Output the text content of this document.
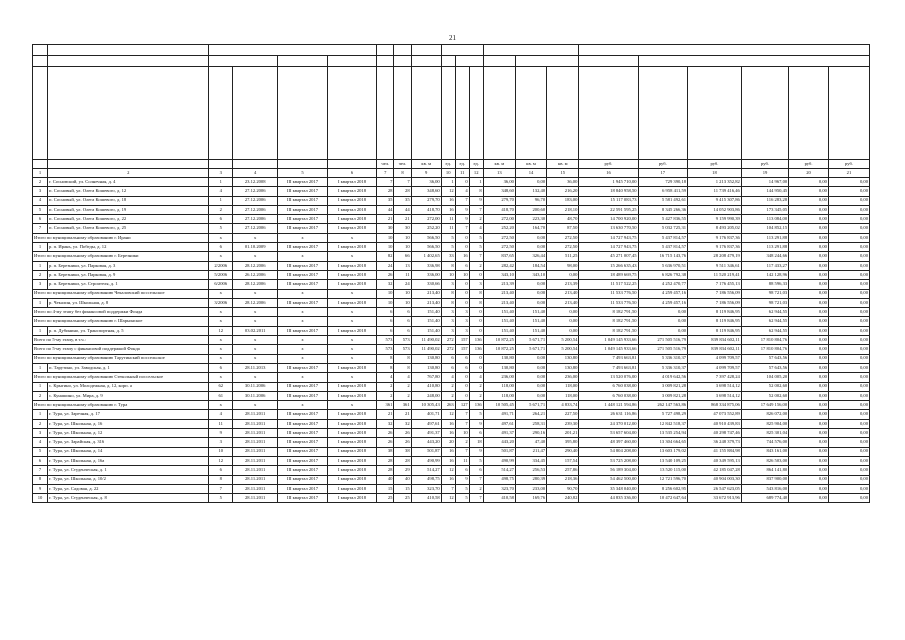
21

						чел.	чел.	кв. м	ед.	ед.	ед.	кв. м	кв. м	кв. м	руб.	руб.	руб.	руб.	руб.	руб.
1	2	3	4	5	6	7	8	9	10	11	12	13	14	15	16	17	18	19	20	21
2	г. Сосновский, ул. Солнечная, д. 4	1	23.12.2008	III квартал 2017	I квартал 2018	7	7	36,00	1	0	1	36,00	0,00	36,00	1 945 710,00	729 390,18	1 213 352,82	14 967,00	0,00	0,00
3	п. Сосновый, ул. Олега Кошевого, д. 12	4	27.12.2006	III квартал 2017	I квартал 2018	28	28	348,60	12	4	8	348,60	132,40	216,20	18 840 958,50	6 958 411,59	11 739 416,46	144 950,45	0,00	0,00
4	п. Сосновый, ул. Олега Кошевого, д. 18	1	27.12.2006	III квартал 2017	I квартал 2018	35	35	279,70	16	7	9	279,70	96,70	183,00	15 117 083,73	5 581 492,61	9 415 307,86	116 283,28	0,00	0,00
5	п. Сосновый, ул. Олега Кошевого, д. 19	2	27.12.2006	III квартал 2017	I квартал 2018	44	44	418,70	16	9	7	418,70	200,60	218,10	22 591 595,25	8 345 266,36	14 052 903,86	173 345,05	0,00	0,00
6	п. Сосновый, ул. Олега Кошевого, д. 22	6	27.12.2006	III квартал 2017	I квартал 2018	21	21	272,00	11	9	2	272,00	223,30	48,70	14 700 920,00	5 427 836,55	9 159 990,39	113 084,00	0,00	0,00
7	п. Сосновый, ул. Олега Кошевого, д. 25	5	27.12.2006	III квартал 2017	I квартал 2018	30	30	252,20	11	7	4	252,20	164,70	87,50	13 630 770,50	5 032 725,31	8 493 205,02	104 852,15	0,00	0,00
Итого по муниципальному образованию г. Ирани		x	x	x	x	10	10	566,50	5	0	5	272,50	0,00	272,50	14 727 943,75	5 437 814,57	9 176 837,36	113 291,88	0,00	0,00
1	р. п. Ирань, ул. Победы, д. 12	6	01.10.2009	III квартал 2017	I квартал 2018	10	10	566,50	5	0	5	272,50	0,00	272,50	14 727 943,75	5 437 814,57	9 176 837,36	113 291,88	0,00	0,00
Итого по муниципальному образованию г. Березники		x	x	x	x	82	66	1 402,65	33	16	7	837,65	326,44	511,25	45 271 007,45	16 715 143,76	28 208 479,19	348 244,66	0,00	0,00
1	р. п. Березники, ул. Парковая, д. 3	2/2006	28.12.2006	III квартал 2017	I квартал 2018	24	13	336,98	8	6	2	282,42	184,54	98,00	15 266 635,43	5 636 970,51	9 511 346,61	117 433,27	0,00	0,00
2	р. п. Березники, ул. Парковая, д. 9	5/2006	26.12.2006	III квартал 2017	I квартал 2018	26	11	336,00	10	10	0	343,10	343,10	0,00	18 489 669,75	6 826 792,38	11 520 219,41	142 128,96	0,00	0,00
3	р. п. Березники, ул. Строителя, д. 1	6/2006	28.12.2006	III квартал 2017	I квартал 2018	32	24	330,66	3	0	3	213,39	0,00	213,39	11 517 522,25	4 252 470,77	7 176 455,13	88 596,33	0,00	0,00
Итого по муниципальному образованию Чекаловский поссельское		x	x	x	x	10	10	213,40	8	0	8	213,40	0,00	213,40	11 533 776,50	4 259 457,16	7 186 556,09	98 721,03	0,00	0,00
1	р. Чекалин, ул. Школьная, д. 8	3/2006	28.12.2006	III квартал 2017	I квартал 2018	10	10	213,40	8	0	8	213,40	0,00	213,40	11 533 776,50	4 259 457,16	7 186 556,09	98 721,03	0,00	0,00
Итого по 4-му этапу без финансовой поддержки Фонда		x	x	x	x	6	6	151,40	3	3	0	151,40	151,40	0,00	8 182 791,50	0,00	8 119 846,95	62 944,55	0,00	0,00
Итого по муниципальному образованию г. Шарьинское		x	x	x	x	6	6	151,40	3	3	0	151,40	151,40	0,00	8 182 791,50	0,00	8 119 846,95	62 944,55	0,00	0,00
1	р. п. Дубинино, ул. Транспортная, д. 5	12	03.02.2011	III квартал 2017	I квартал 2018	6	6	151,40	3	3	0	151,40	151,40	0,00	8 182 791,50	0,00	8 119 846,95	62 944,55	0,00	0,00
Всего по 5-му этапу, в т.ч.:		x	x	x	x	573	573	11 490,02	272	157	136	10 872,25	5 671,71	5 200,54	1 049 145 933,66	271 505 516,79	839 834 602,11	17 810 804,76	0,00	0,00
Всего по 5-му этапу с финансовой поддержкой Фонда		x	x	x	x	573	573	11 490,02	272	157	136	10 872,25	5 671,71	5 200,54	1 049 145 933,66	271 505 516,79	839 834 602,11	17 810 804,76	0,00	0,00
Итого по муниципальному образованию Тарутинский поссельское		x	x	x	x	8	8	130,80	6	6	0	130,80	0,00	130,80	7 493 663,81	5 336 310,37	4 099 709,57	57 643,56	0,00	0,00
1	п. Тарутино, ул. Заводская, д. 1	6	28.11.2013	III квартал 2017	I квартал 2018	8	8	130,80	6	6	0	130,80	0,00	130,80	7 493 663,81	5 336 310,37	4 099 709,57	57 643,56	0,00	0,00
Итого по муниципальному образованию Стекольный поссельское		x	x	x	x	4	4	767,80	4	0	4	236,00	0,00	236,00	13 520 076,00	4 019 642,56	7 397 428,24	104 005,20	0,00	0,00
1	с. Крыгино, ул. Молодежная, д. 12, корп. а	62	30.11.2006	III квартал 2017	I квартал 2018	2	2	410,80	2	0	2	118,00	0,00	118,00	6 760 038,00	3 009 821,28	3 698 514,12	52 002,60	0,00	0,00
2	с. Кунашино, ул. Мира, д. 9	61	30.11.2006	III квартал 2017	I квартал 2018	2	2	248,00	2	0	2	118,00	0,00	118,00	6 760 038,00	3 009 821,28	3 698 514,12	52 002,60	0,00	0,00
Итого по муниципальному образованию г. Тура		x	x	x	x	361	361	10 305,43	263	127	136	10 505,45	5 671,71	4 833,74	1 448 121 594,86	262 147 563,86	868 334 875,06	17 649 156,00	0,00	0,00
1	г. Тура, ул. Заречная, д. 17	4	28.11.2011	III квартал 2017	I квартал 2018	21	21	401,71	12	7	5	491,71	264,21	227,50	26 631 116,86	5 727 498,29	47 073 552,89	826 072,00	0,00	0,00
2	г. Тура, ул. Школьная, д. 16	11	28.11.2011	III квартал 2017	I квартал 2018	32	32	497,61	16	7	9	497,61	258,31	239,30	24 370 012,00	12 842 518,37	40 910 439,83	825 904,00	0,00	0,00
3	г. Тура, ул. Школьная, д. 12	9	28.11.2011	III квартал 2017	I квартал 2018	26	26	491,37	16	10	6	491,37	290,16	201,21	53 657 604,00	13 535 254,94	40 298 747,46	825 301,04	0,00	0,00
4	г. Тура, ул. Зарайская, д. 316	3	28.11.2011	III квартал 2017	I квартал 2018	26	26	443,20	20	2	18	443,20	47,40	395,80	48 397 460,00	13 304 664,65	36 248 379,73	744 576,00	0,00	0,00
5	г. Тура, ул. Школьная, д. 14	10	28.11.2011	III квартал 2017	I квартал 2018	38	38	501,87	16	7	9	501,87	211,47	290,40	54 804 208,00	13 603 179,02	41 155 884,98	843 161,00	0,00	0,00
6	г. Тура, ул. Школьная, д. 16а	12	28.11.2011	III квартал 2017	I квартал 2018	28	28	490,99	16	11	5	490,99	334,45	157,54	53 725 208,00	13 540 109,25	40 349 595,13	826 503,00	0,00	0,00
7	г. Тура, ул. Студенческая, д. 1	6	28.11.2011	III квартал 2017	I квартал 2018	28	29	514,27	12	6	6	514,27	256,53	257,86	56 189 304,00	13 520 115,00	42 185 047,28	864 141,80	0,00	0,00
8	г. Тура, ул. Школьная, д. 10/2	8	28.11.2011	III квартал 2017	I квартал 2018	40	40	498,75	16	9	7	498,75	280,39	218,36	54 462 500,00	12 721 596,70	40 904 003,30	837 900,00	0,00	0,00
9	г. Тура, ул. Садовая, д. 22	7	28.11.2011	III квартал 2017	I квартал 2018	15	15	323,70	7	5	2	323,70	233,00	90,70	35 348 040,00	8 256 602,95	26 547 623,05	543 816,00	0,00	0,00
10	г. Тура, ул. Студенческая, д. 8	5	28.11.2011	III квартал 2017	I квартал 2018	25	25	410,58	12	5	7	410,58	169,76	240,82	44 835 336,00	10 472 647,64	33 672 913,96	689 774,40	0,00	0,00
